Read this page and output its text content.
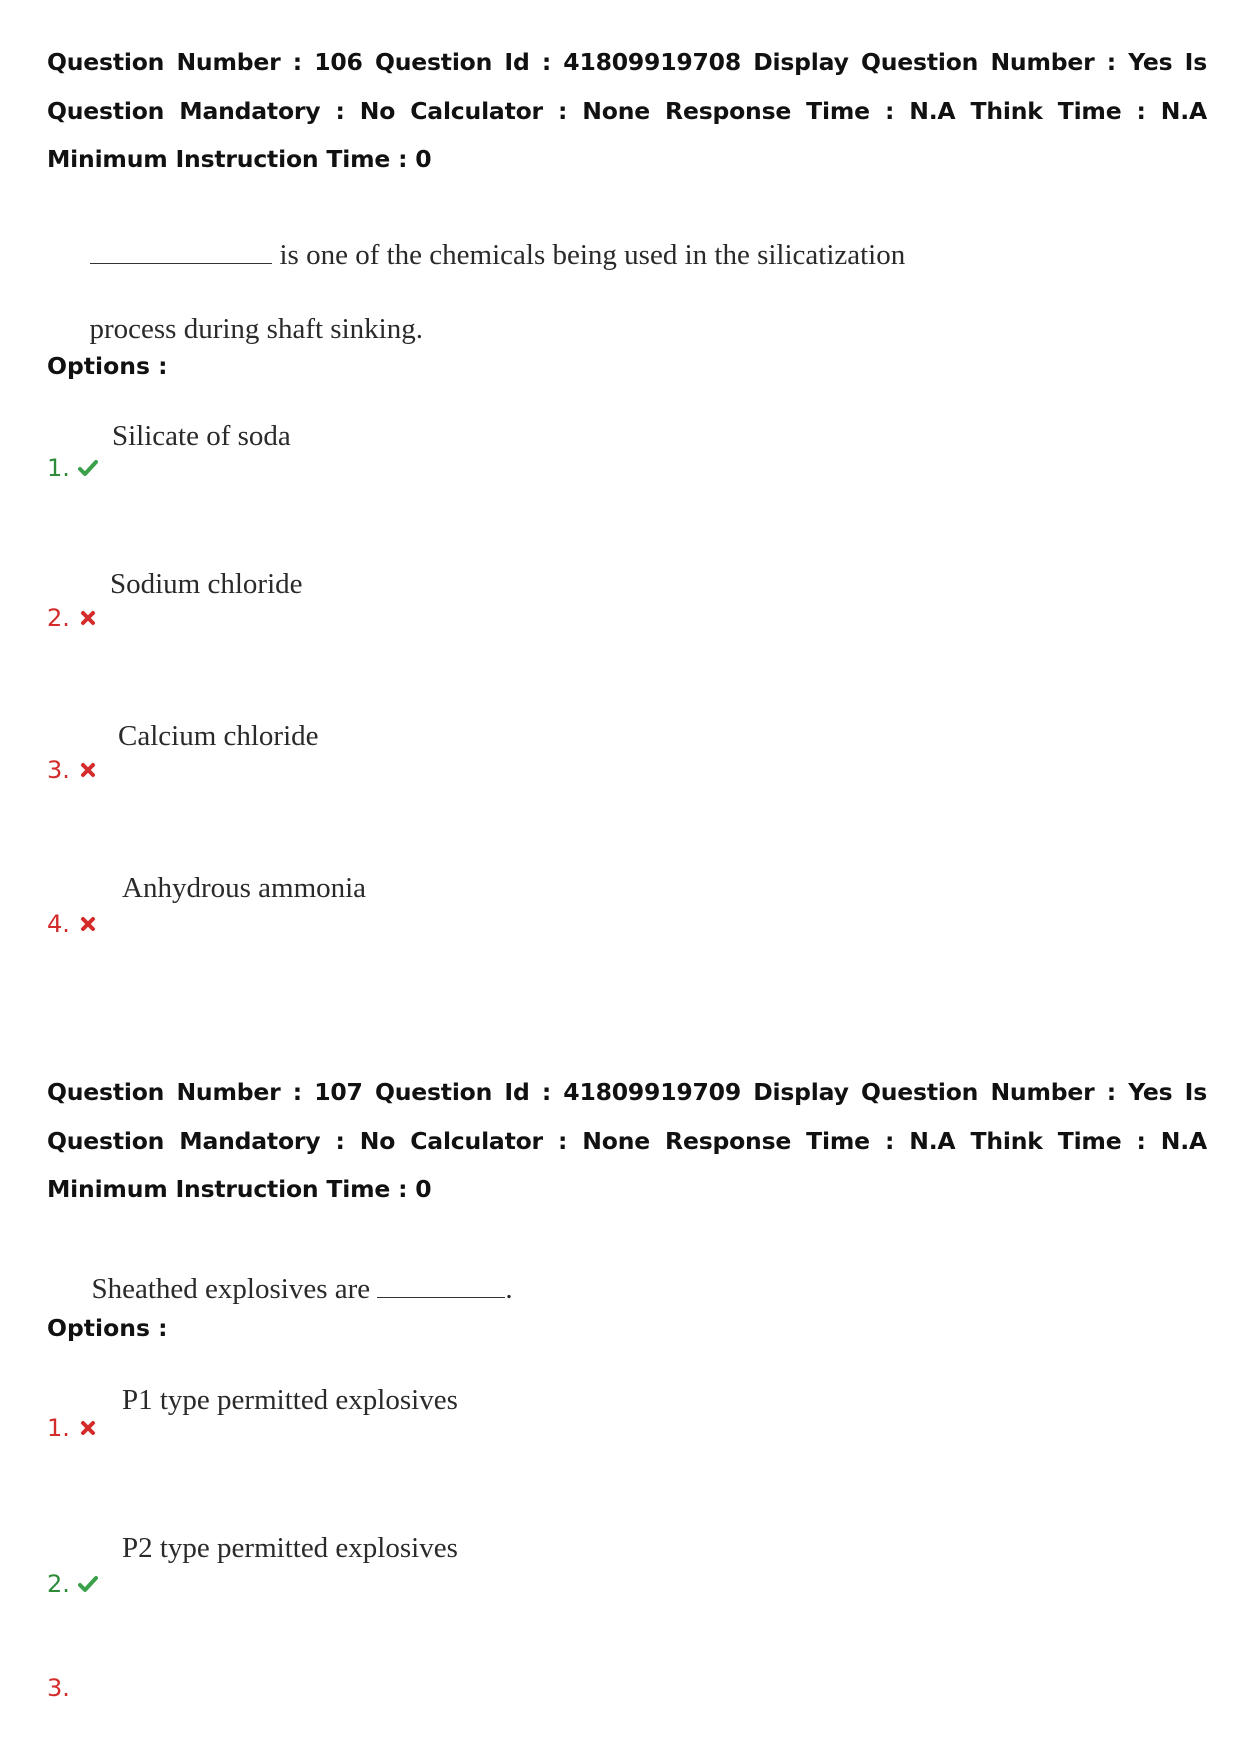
Question Number : 106 Question Id : 41809919708 Display Question Number : Yes Is Question Mandatory : No Calculator : None Response Time : N.A Think Time : N.A Minimum Instruction Time : 0

is one of the chemicals being used in the silicatization

process during shaft sinking.

Options :
Silicate of soda
1.
Sodium chloride
2.
Calcium chloride
3.
Anhydrous ammonia
4.
Question Number : 107 Question Id : 41809919709 Display Question Number : Yes Is Question Mandatory : No Calculator : None Response Time : N.A Think Time : N.A Minimum Instruction Time : 0

Sheathed explosives are	.

Options :
P1 type permitted explosives
1.
P2 type permitted explosives
2.
3.
